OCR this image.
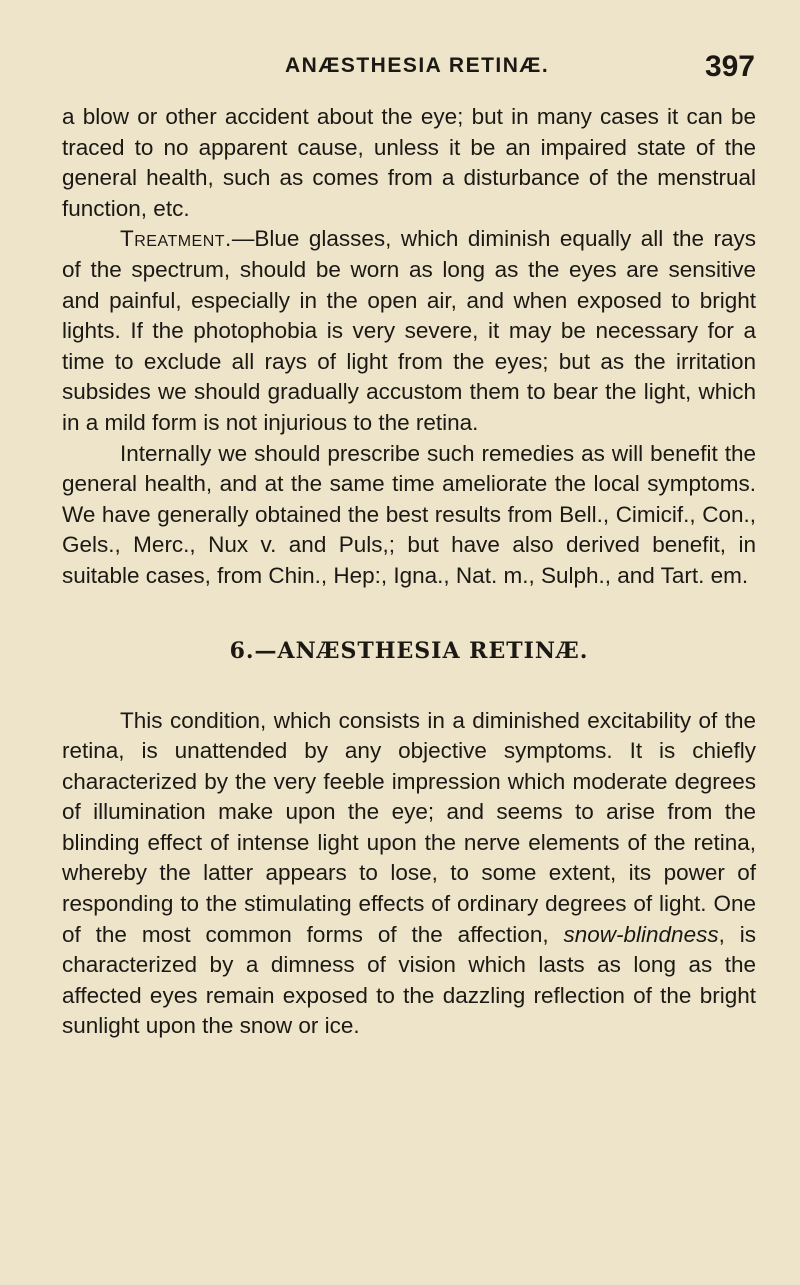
ANÆSTHESIA RETINÆ.	397

a blow or other accident about the eye; but in many cases it can be traced to no apparent cause, unless it be an impaired state of the general health, such as comes from a disturbance of the menstrual function, etc.

Treatment.—Blue glasses, which diminish equally all the rays of the spectrum, should be worn as long as the eyes are sensitive and painful, especially in the open air, and when exposed to bright lights. If the photophobia is very severe, it may be necessary for a time to exclude all rays of light from the eyes; but as the irritation subsides we should gradually accustom them to bear the light, which in a mild form is not injurious to the retina.

Internally we should prescribe such remedies as will benefit the general health, and at the same time ameliorate the local symptoms. We have generally obtained the best results from Bell., Cimicif., Con., Gels., Merc., Nux v. and Puls,; but have also derived benefit, in suitable cases, from Chin., Hep:, Igna., Nat. m., Sulph., and Tart. em.

6.—ANÆSTHESIA RETINÆ.

This condition, which consists in a diminished excitability of the retina, is unattended by any objective symptoms. It is chiefly characterized by the very feeble impression which moderate degrees of illumination make upon the eye; and seems to arise from the blinding effect of intense light upon the nerve elements of the retina, whereby the latter appears to lose, to some extent, its power of responding to the stimulating effects of ordinary degrees of light. One of the most common forms of the affection, snow-blindness, is characterized by a dimness of vision which lasts as long as the affected eyes remain exposed to the dazzling reflection of the bright sunlight upon the snow or ice.
